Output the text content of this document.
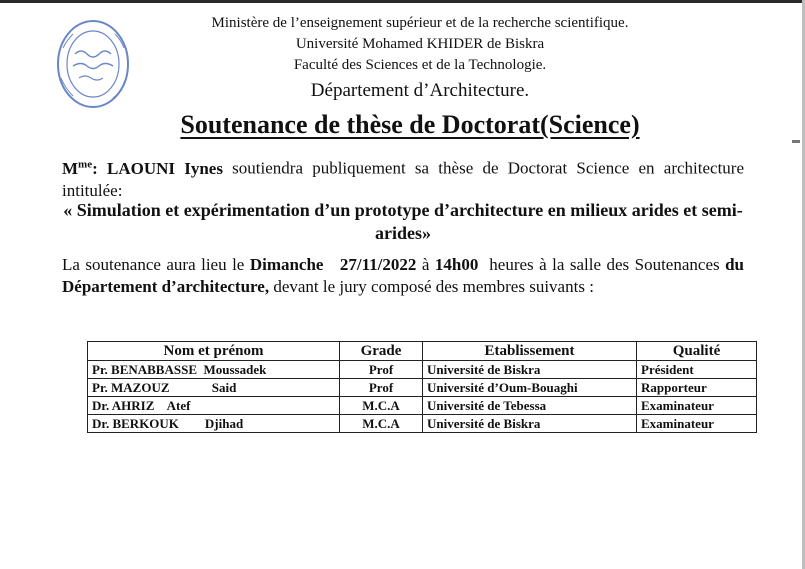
Ministère de l’enseignement supérieur et de la recherche scientifique.
Université Mohamed KHIDER de Biskra
Faculté des Sciences et de la Technologie.
Département d’Architecture.
Soutenance de thèse de Doctorat(Science)
$M^{me}$: LAOUNI Iynes soutiendra publiquement sa thèse de Doctorat Science en architecture intitulée:
« Simulation et expérimentation d’un prototype d’architecture en milieux arides et semi-arides»
La soutenance aura lieu le Dimanche 27/11/2022 à 14h00  heures à la salle des Soutenances du Département d’architecture, devant le jury composé des membres suivants :
Nom et prénom	Grade	Etablissement	Qualité
Pr. BENABBASSE  Moussadek	Prof	Université de Biskra	Président
Pr. MAZOUZ             Said	Prof	Université d’Oum-Bouaghi	Rapporteur
Dr. AHRIZ    Atef	M.C.A	Université de Tebessa	Examinateur
Dr. BERKOUK        Djihad	M.C.A	Université de Biskra	Examinateur
